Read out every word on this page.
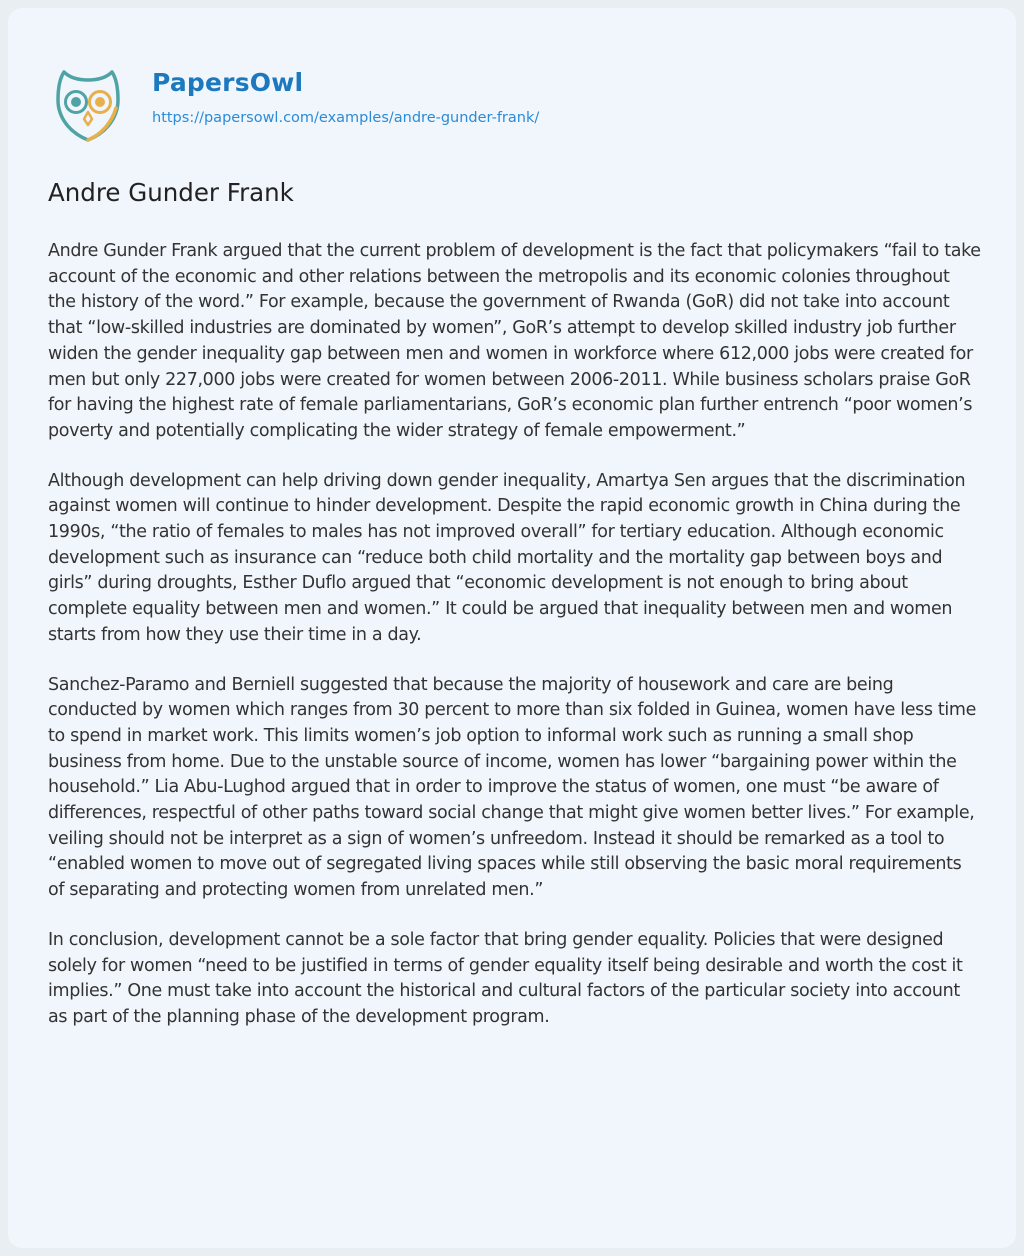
PapersOwl
https://papersowl.com/examples/andre-gunder-frank/
Andre Gunder Frank

Andre Gunder Frank argued that the current problem of development is the fact that policymakers “fail to take account of the economic and other relations between the metropolis and its economic colonies throughout the history of the word.” For example, because the government of Rwanda (GoR) did not take into account that “low-skilled industries are dominated by women”, GoR’s attempt to develop skilled industry job further widen the gender inequality gap between men and women in workforce where 612,000 jobs were created for men but only 227,000 jobs were created for women between 2006-2011. While business scholars praise GoR for having the highest rate of female parliamentarians, GoR’s economic plan further entrench “poor women’s poverty and potentially complicating the wider strategy of female empowerment.”

Although development can help driving down gender inequality, Amartya Sen argues that the discrimination against women will continue to hinder development. Despite the rapid economic growth in China during the 1990s, “the ratio of females to males has not improved overall” for tertiary education. Although economic development such as insurance can “reduce both child mortality and the mortality gap between boys and girls” during droughts, Esther Duflo argued that “economic development is not enough to bring about complete equality between men and women.” It could be argued that inequality between men and women starts from how they use their time in a day.

Sanchez-Paramo and Berniell suggested that because the majority of housework and care are being conducted by women which ranges from 30 percent to more than six folded in Guinea, women have less time to spend in market work. This limits women’s job option to informal work such as running a small shop business from home. Due to the unstable source of income, women has lower “bargaining power within the household.” Lia Abu-Lughod argued that in order to improve the status of women, one must “be aware of differences, respectful of other paths toward social change that might give women better lives.” For example, veiling should not be interpret as a sign of women’s unfreedom. Instead it should be remarked as a tool to “enabled women to move out of segregated living spaces while still observing the basic moral requirements of separating and protecting women from unrelated men.”

In conclusion, development cannot be a sole factor that bring gender equality. Policies that were designed solely for women “need to be justified in terms of gender equality itself being desirable and worth the cost it implies.” One must take into account the historical and cultural factors of the particular society into account as part of the planning phase of the development program.
